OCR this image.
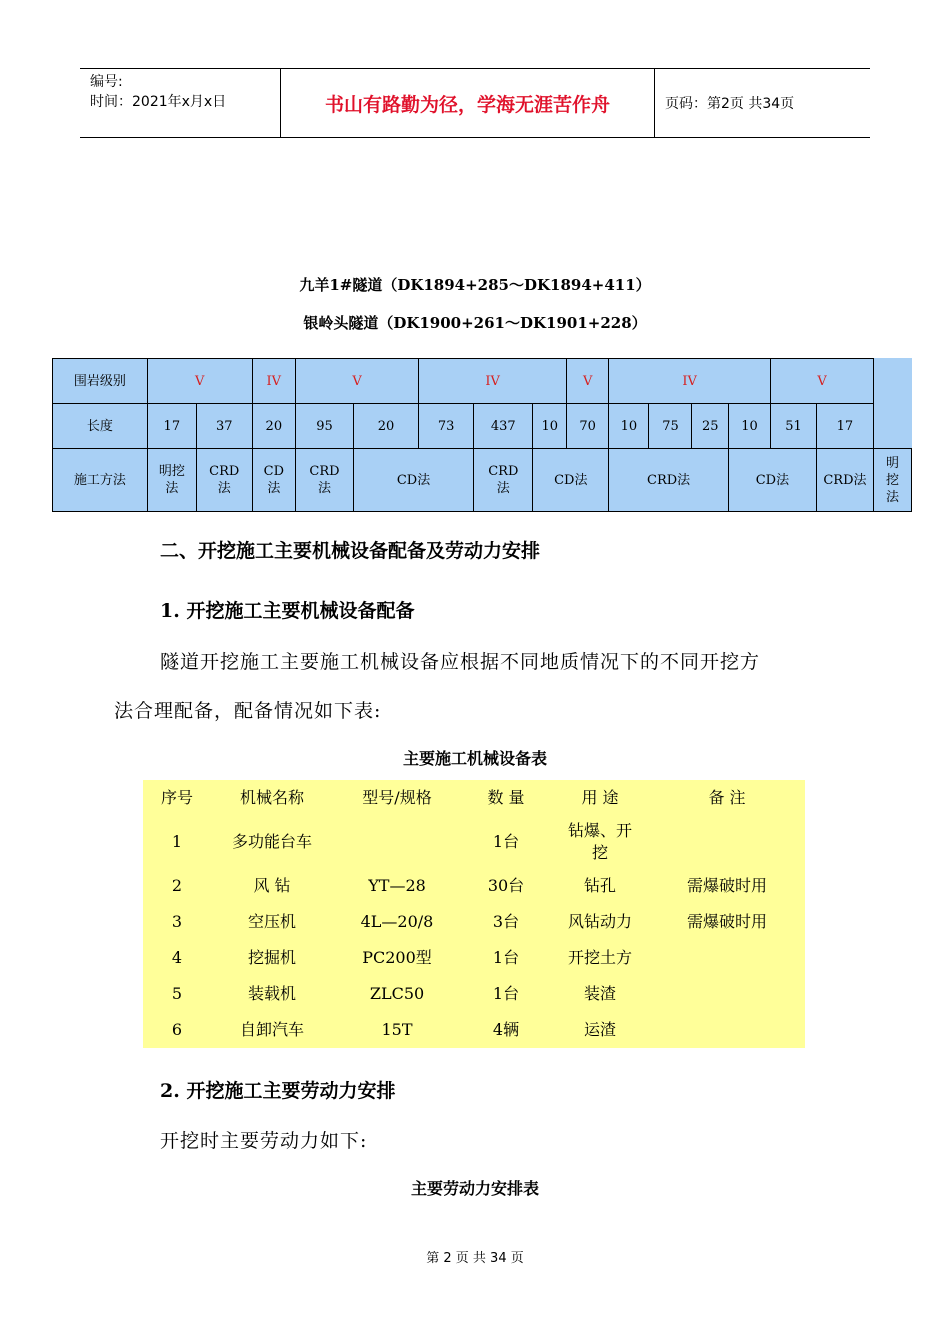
编号:
时间：2021年x月x日	书山有路勤为径，学海无涯苦作舟	页码：第2页 共34页
九羊1#隧道（DK1894+285～DK1894+411）
银岭头隧道（DK1900+261～DK1901+228）
围岩级别	V		IV	V		IV			V	IV				V		
长度	17	37	20	95	20	73	437	10	70	10	75	25	10	51	17	
施工方法	明挖法	CRD法	CD法	CRD法	CD法		CRD法	CD法		CRD法			CD法		CRD法	明挖法
二、开挖施工主要机械设备配备及劳动力安排
1. 开挖施工主要机械设备配备
隧道开挖施工主要施工机械设备应根据不同地质情况下的不同开挖方
法合理配备，配备情况如下表:
主要施工机械设备表
序号	机械名称	型号/规格	数 量	用 途	备 注
1	多功能台车		1台	钻爆、开挖	
2	风 钻	YT—28	30台	钻孔	需爆破时用
3	空压机	4L—20/8	3台	风钻动力	需爆破时用
4	挖掘机	PC200型	1台	开挖土方	
5	装载机	ZLC50	1台	装渣	
6	自卸汽车	15T	4辆	运渣	
2. 开挖施工主要劳动力安排
开挖时主要劳动力如下:
主要劳动力安排表
第 2 页 共 34 页
